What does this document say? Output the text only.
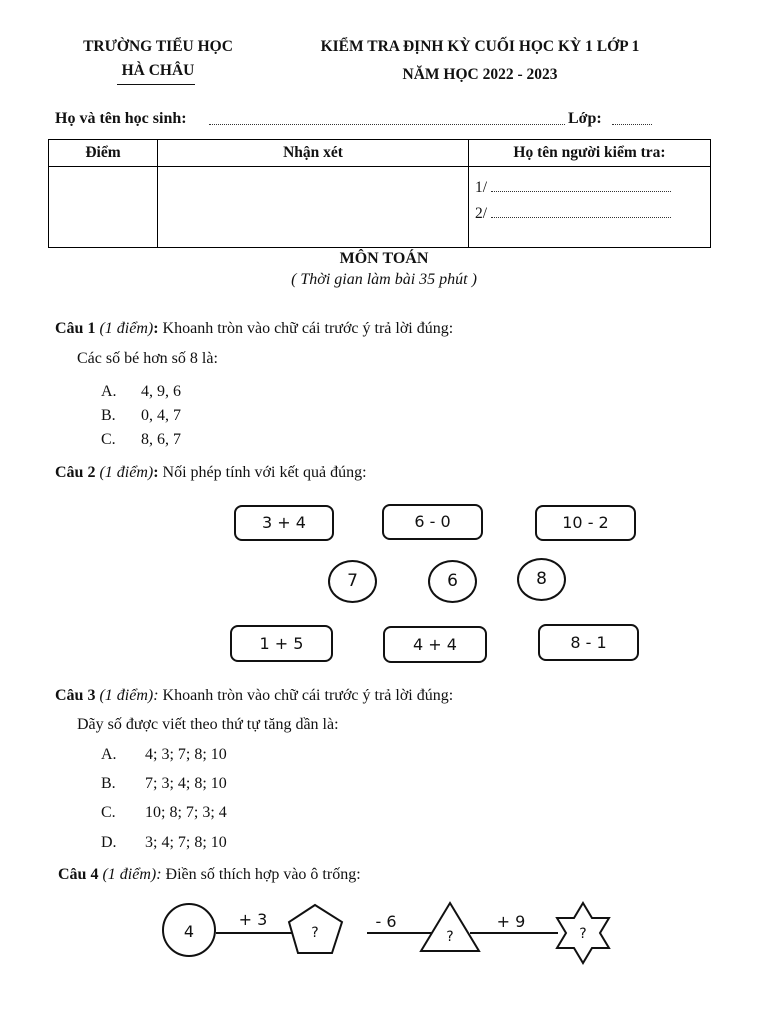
TRƯỜNG TIỂU HỌC
HÀ CHÂU
KIỂM TRA ĐỊNH KỲ CUỐI HỌC KỲ 1 LỚP 1
NĂM HỌC 2022 - 2023
Họ và tên học sinh:	Lớp:
Điểm	Nhận xét	Họ tên người kiểm tra:

		1/
2/
MÔN TOÁN
( Thời gian làm bài 35 phút )
Câu 1 (1 điểm): Khoanh tròn vào chữ cái trước ý trả lời đúng:
Các số bé hơn số 8 là:
A. 4, 9, 6
B. 0, 4, 7
C. 8, 6, 7
Câu 2 (1 điểm): Nối phép tính với kết quả đúng:
3 + 4	6 - 0	10 - 2
7	6	8
1 + 5	4 + 4	8 - 1
Câu 3 (1 điểm): Khoanh tròn vào chữ cái trước ý trả lời đúng:
Dãy số được viết theo thứ tự tăng dần là:
A. 4; 3; 7; 8; 10
B. 7; 3; 4; 8; 10
C. 10; 8; 7; 3; 4
D. 3; 4; 7; 8; 10
Câu 4 (1 điểm): Điền số thích hợp vào ô trống:
4
+ 3
?
- 6
?
+ 9
?
